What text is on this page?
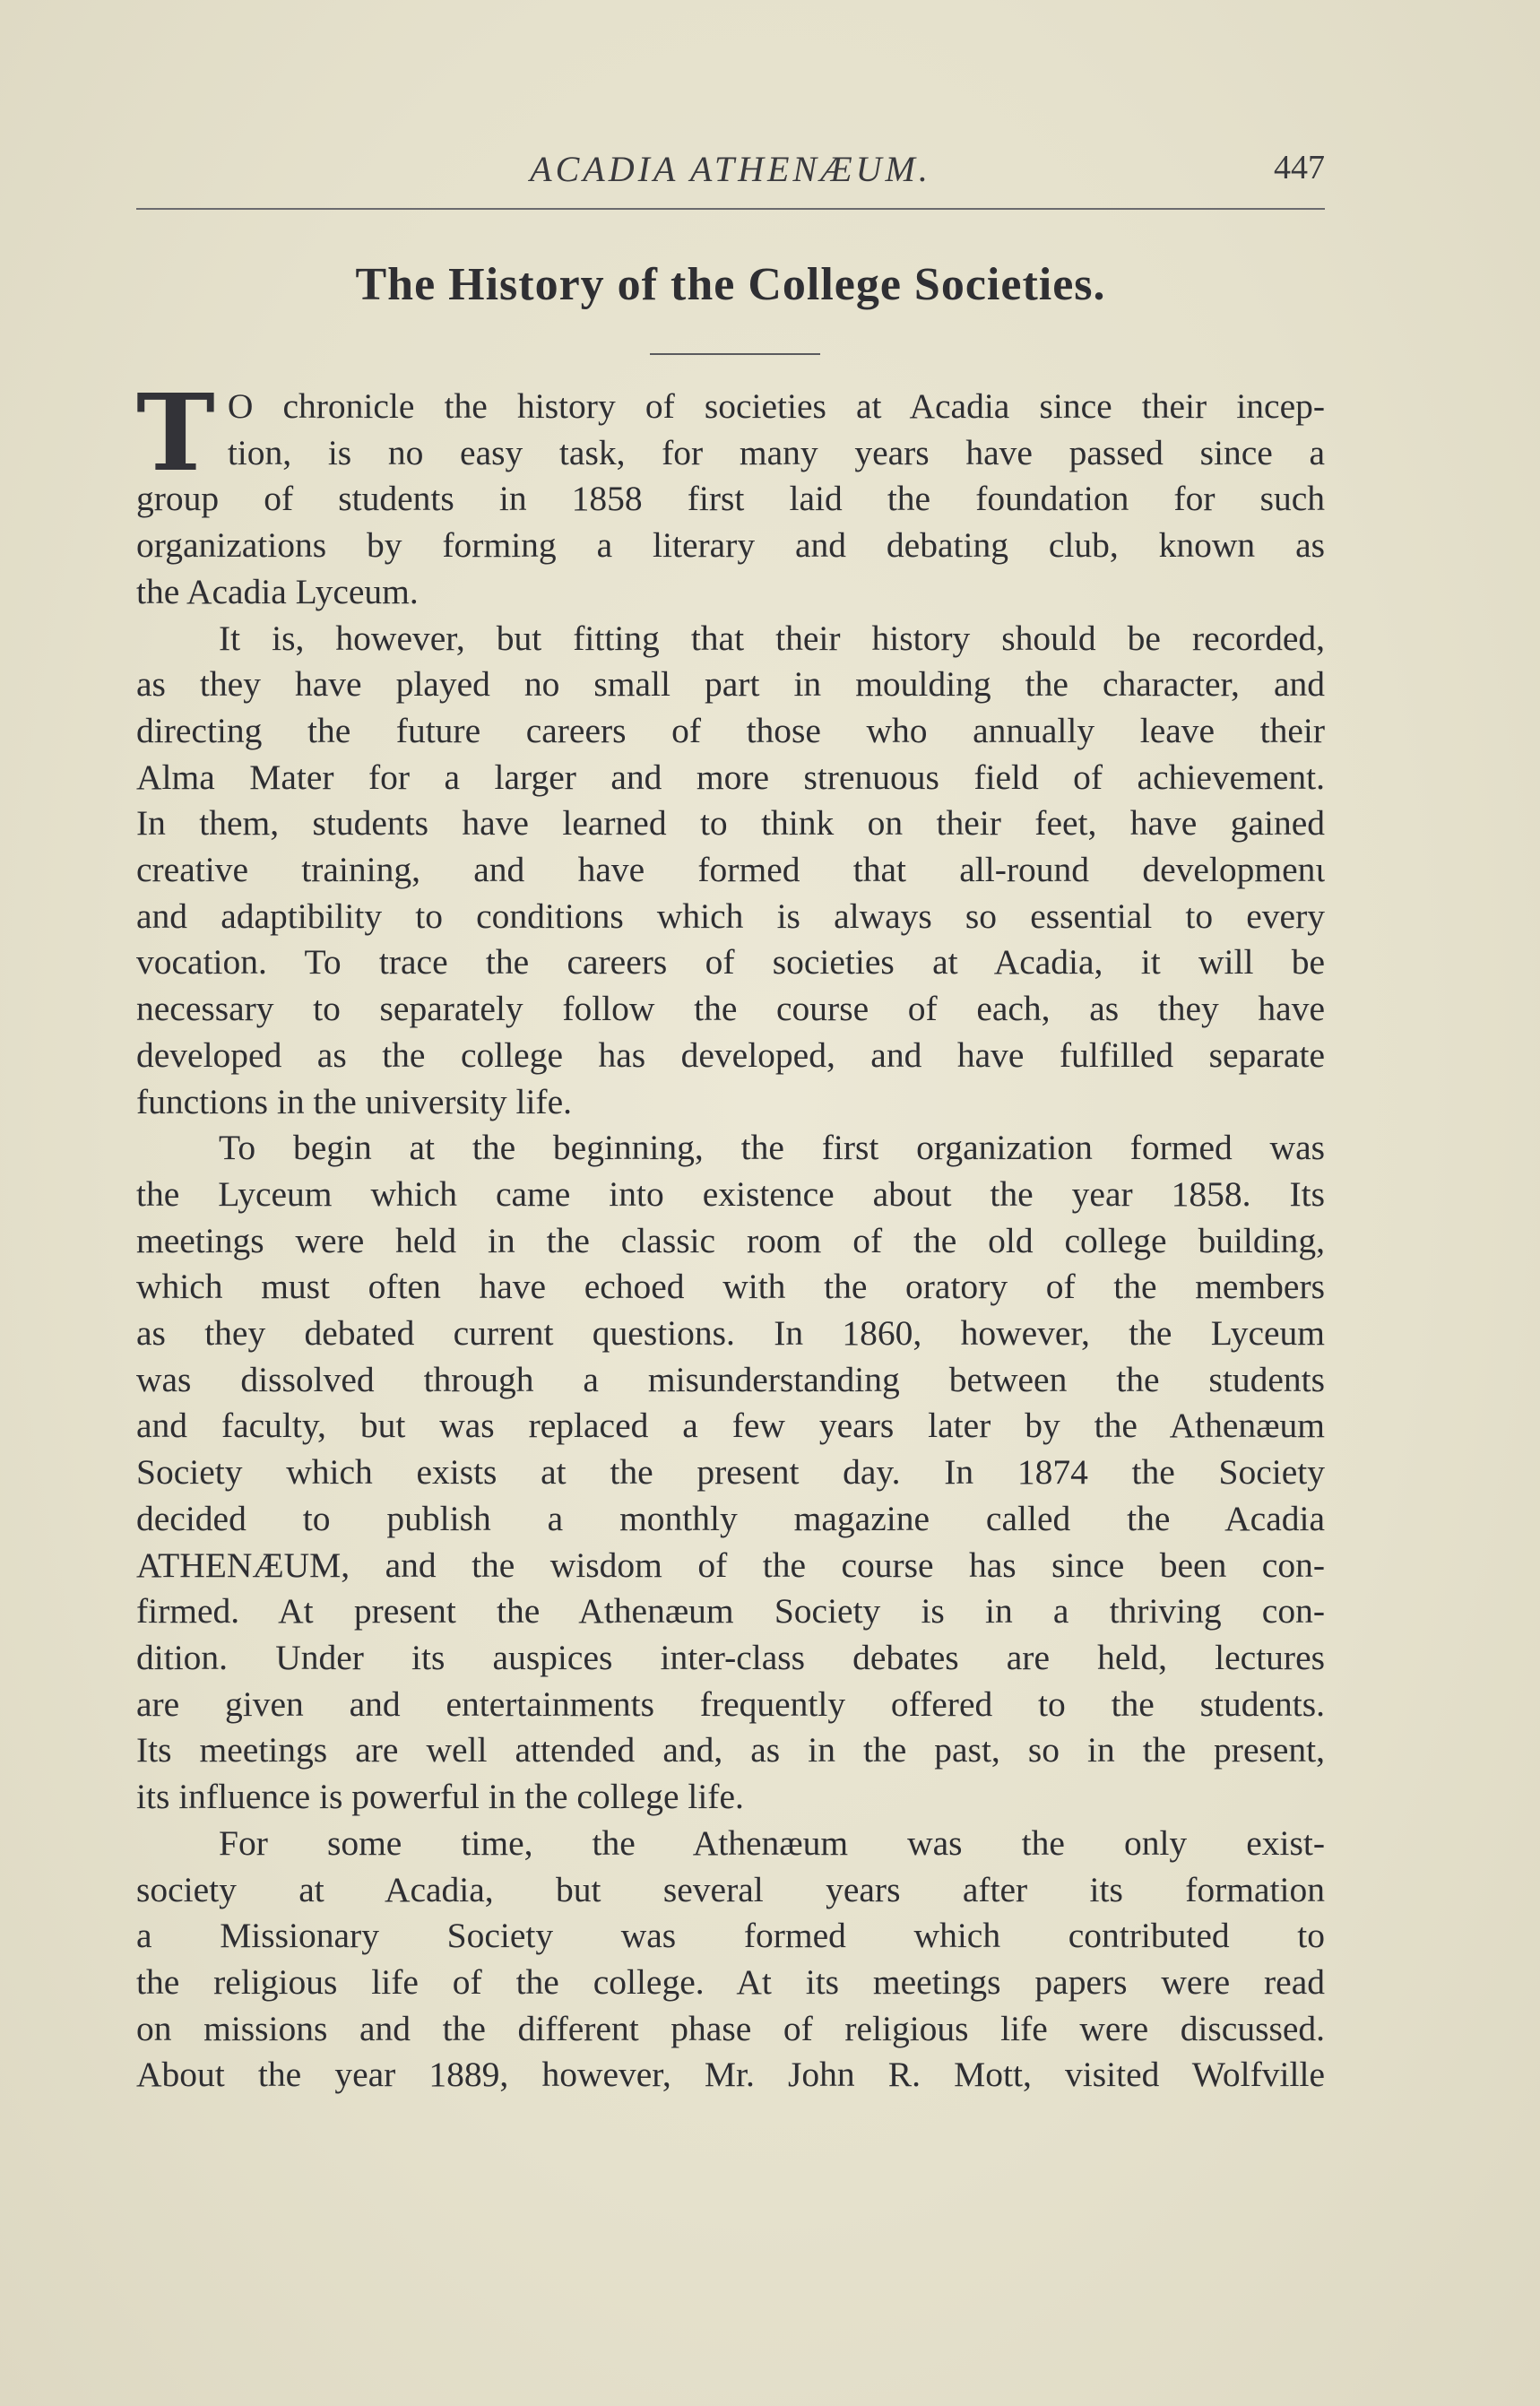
ACADIA ATHENÆUM.	447
The History of the College Societies.
T O chronicle the history of societies at Acadia since their incep-
tion, is no easy task, for many years have passed since a
group of students in 1858 first laid the foundation for such
organizations by forming a literary and debating club, known as
the Acadia Lyceum.
It is, however, but fitting that their history should be recorded,
as they have played no small part in moulding the character, and
directing the future careers of those who annually leave their
Alma Mater for a larger and more strenuous field of achievement.
In them, students have learned to think on their feet, have gained
creative training, and have formed that all-round developmenι
and adaptibility to conditions which is always so essential to every
vocation. To trace the careers of societies at Acadia, it will be
necessary to separately follow the course of each, as they have
developed as the college has developed, and have fulfilled separate
functions in the university life.
To begin at the beginning, the first organization formed was
the Lyceum which came into existence about the year 1858. Its
meetings were held in the classic room of the old college building,
which must often have echoed with the oratory of the members
as they debated current questions. In 1860, however, the Lyceum
was dissolved through a misunderstanding between the students
and faculty, but was replaced a few years later by the Athenæum
Society which exists at the present day. In 1874 the Society
decided to publish a monthly magazine called the Acadia
ATHENÆUM, and the wisdom of the course has since been con-
firmed. At present the Athenæum Society is in a thriving con-
dition. Under its auspices inter-class debates are held, lectures
are given and entertainments frequently offered to the students.
Its meetings are well attended and, as in the past, so in the present,
its influence is powerful in the college life.
For some time, the Athenæum was the only exist-
society at Acadia, but several years after its formation
a Missionary Society was formed which contributed to
the religious life of the college. At its meetings papers were read
on missions and the different phase of religious life were discussed.
About the year 1889, however, Mr. John R. Mott, visited Wolfville
